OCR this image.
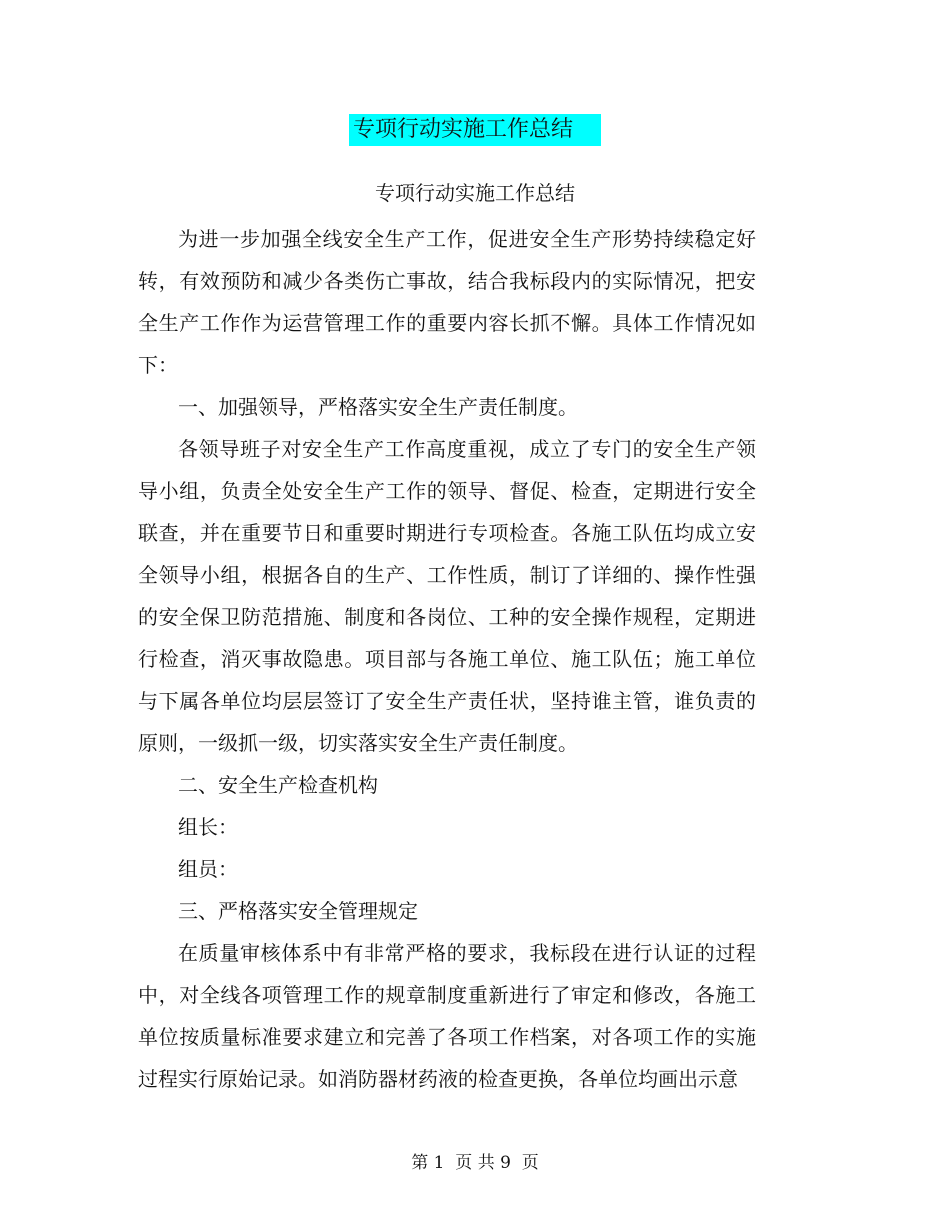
专项行动实施工作总结
专项行动实施工作总结

为进一步加强全线安全生产工作，促进安全生产形势持续稳定好转，有效预防和减少各类伤亡事故，结合我标段内的实际情况，把安全生产工作作为运营管理工作的重要内容长抓不懈。具体工作情况如下：

一、加强领导，严格落实安全生产责任制度。

各领导班子对安全生产工作高度重视，成立了专门的安全生产领导小组，负责全处安全生产工作的领导、督促、检查，定期进行安全联查，并在重要节日和重要时期进行专项检查。各施工队伍均成立安全领导小组，根据各自的生产、工作性质，制订了详细的、操作性强的安全保卫防范措施、制度和各岗位、工种的安全操作规程，定期进行检查，消灭事故隐患。项目部与各施工单位、施工队伍；施工单位与下属各单位均层层签订了安全生产责任状，坚持谁主管，谁负责的原则，一级抓一级，切实落实安全生产责任制度。

二、安全生产检查机构

组长：

组员：

三、严格落实安全管理规定

在质量审核体系中有非常严格的要求，我标段在进行认证的过程中，对全线各项管理工作的规章制度重新进行了审定和修改，各施工单位按质量标准要求建立和完善了各项工作档案，对各项工作的实施过程实行原始记录。如消防器材药液的检查更换，各单位均画出示意

第 1  页 共 9  页
